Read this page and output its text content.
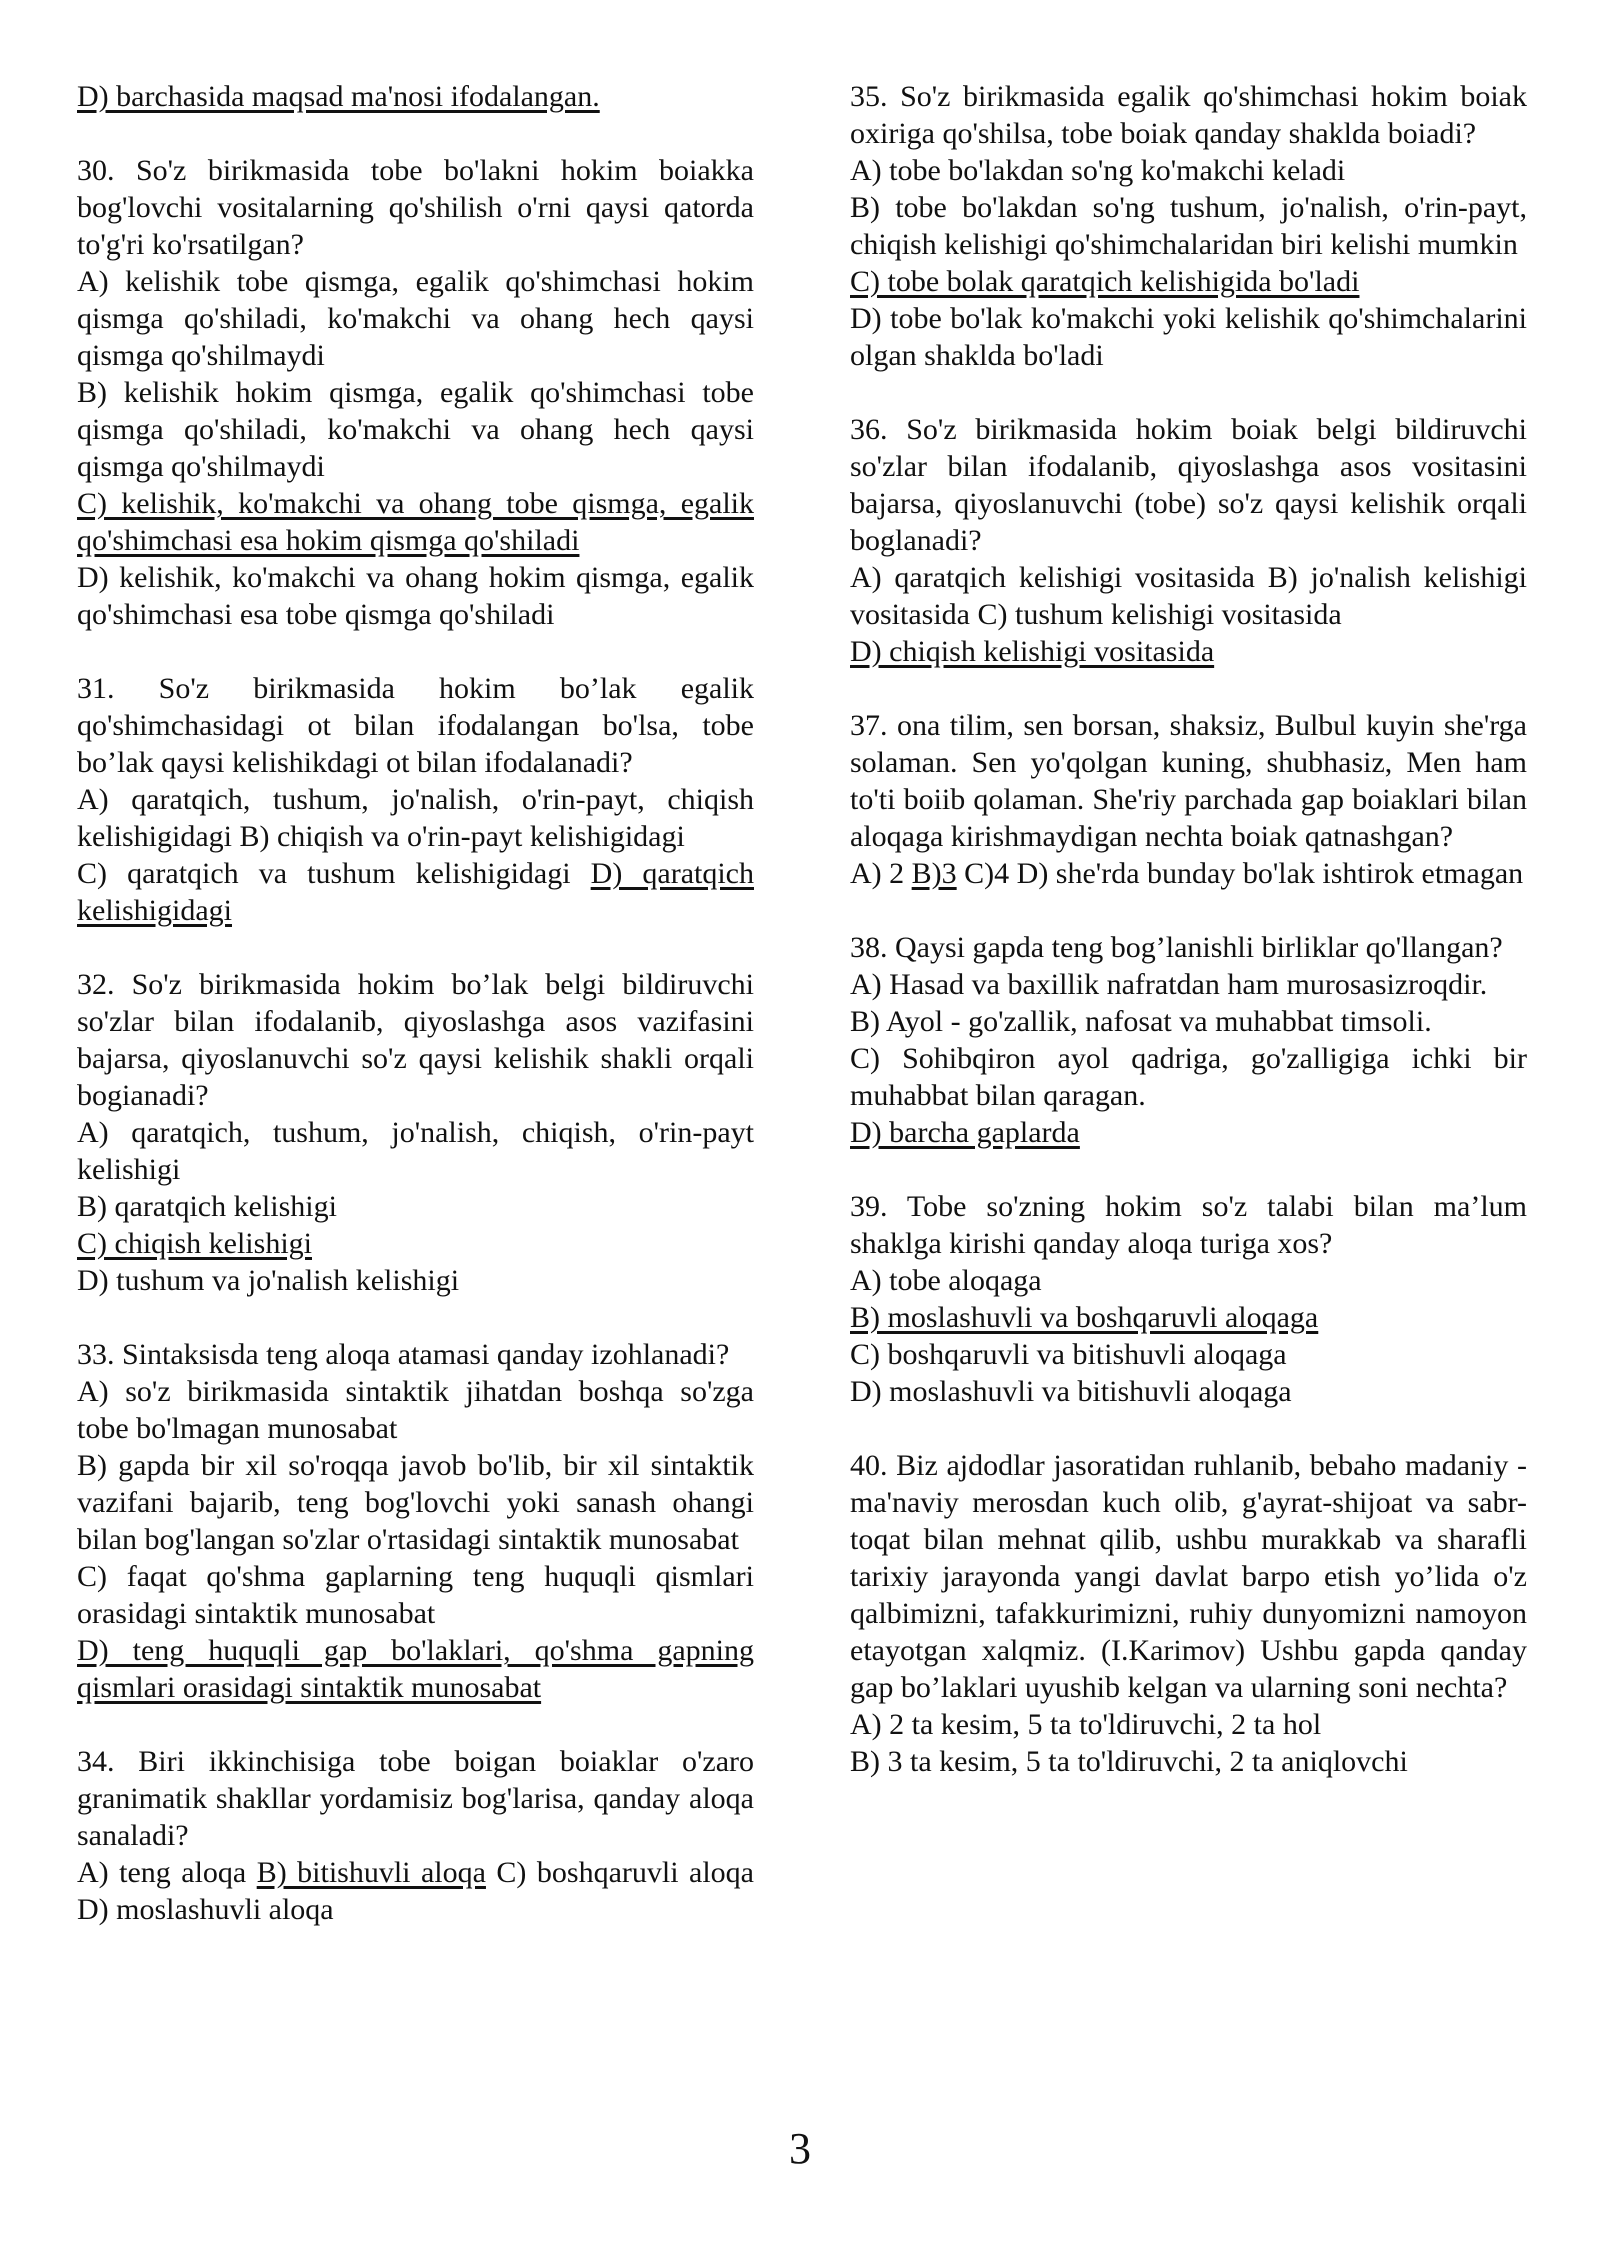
D) barchasida maqsad ma'nosi ifodalangan.

30. So'z birikmasida tobe bo'lakni hokim boiakka bog'lovchi vositalarning qo'shilish o'rni qaysi qatorda to'g'ri ko'rsatilgan?

A) kelishik tobe qismga, egalik qo'shimchasi hokim qismga qo'shiladi, ko'makchi va ohang hech qaysi qismga qo'shilmaydi

B) kelishik hokim qismga, egalik qo'shimchasi tobe qismga qo'shiladi, ko'makchi va ohang hech qaysi qismga qo'shilmaydi

C) kelishik, ko'makchi va ohang tobe qismga, egalik qo'shimchasi esa hokim qismga qo'shiladi

D) kelishik, ko'makchi va ohang hokim qismga, egalik qo'shimchasi esa tobe qismga qo'shiladi

31. So'z birikmasida hokim bo’lak egalik qo'shimchasidagi ot bilan ifodalangan bo'lsa, tobe bo’lak qaysi kelishikdagi ot bilan ifodalanadi?

A) qaratqich, tushum, jo'nalish, o'rin-payt, chiqish kelishigidagi B) chiqish va o'rin-payt kelishigidagi

C) qaratqich va tushum kelishigidagi D) qaratqich kelishigidagi

32. So'z birikmasida hokim bo’lak belgi bildiruvchi so'zlar bilan ifodalanib, qiyoslashga asos vazifasini bajarsa, qiyoslanuvchi so'z qaysi kelishik shakli orqali bogianadi?

A) qaratqich, tushum, jo'nalish, chiqish, o'rin-payt kelishigi

B) qaratqich kelishigi

C) chiqish kelishigi

D) tushum va jo'nalish kelishigi

33. Sintaksisda teng aloqa atamasi qanday izohlanadi?

A) so'z birikmasida sintaktik jihatdan boshqa so'zga tobe bo'lmagan munosabat

B) gapda bir xil so'roqqa javob bo'lib, bir xil sintaktik vazifani bajarib, teng bog'lovchi yoki sanash ohangi bilan bog'langan so'zlar o'rtasidagi sintaktik munosabat

C) faqat qo'shma gaplarning teng huquqli qismlari orasidagi sintaktik munosabat

D) teng huquqli gap bo'laklari, qo'shma gapning qismlari orasidagi sintaktik munosabat

34. Biri ikkinchisiga tobe boigan boiaklar o'zaro granimatik shakllar yordamisiz bog'larisa, qanday aloqa sanaladi?

A) teng aloqa B) bitishuvli aloqa C) boshqaruvli aloqa D) moslashuvli aloqa

35. So'z birikmasida egalik qo'shimchasi hokim boiak oxiriga qo'shilsa, tobe boiak qanday shaklda boiadi?

A) tobe bo'lakdan so'ng ko'makchi keladi

B) tobe bo'lakdan so'ng tushum, jo'nalish, o'rin-payt, chiqish kelishigi qo'shimchalaridan biri kelishi mumkin

C) tobe bolak qaratqich kelishigida bo'ladi

D) tobe bo'lak ko'makchi yoki kelishik qo'shimchalarini olgan shaklda bo'ladi

36. So'z birikmasida hokim boiak belgi bildiruvchi so'zlar bilan ifodalanib, qiyoslashga asos vositasini bajarsa, qiyoslanuvchi (tobe) so'z qaysi kelishik orqali boglanadi?

A) qaratqich kelishigi vositasida B) jo'nalish kelishigi vositasida C) tushum kelishigi vositasida

D) chiqish kelishigi vositasida

37. ona tilim, sen borsan, shaksiz, Bulbul kuyin she'rga solaman. Sen yo'qolgan kuning, shubhasiz, Men ham to'ti boiib qolaman. She'riy parchada gap boiaklari bilan aloqaga kirishmaydigan nechta boiak qatnashgan?

A) 2 B)3 C)4 D) she'rda bunday bo'lak ishtirok etmagan

38. Qaysi gapda teng bog’lanishli birliklar qo'llangan?

A) Hasad va baxillik nafratdan ham murosasizroqdir.

B) Ayol - go'zallik, nafosat va muhabbat timsoli.

C) Sohibqiron ayol qadriga, go'zalligiga ichki bir muhabbat bilan qaragan.

D) barcha gaplarda

39. Tobe so'zning hokim so'z talabi bilan ma’lum shaklga kirishi qanday aloqa turiga xos?

A) tobe aloqaga

B) moslashuvli va boshqaruvli aloqaga

C) boshqaruvli va bitishuvli aloqaga

D) moslashuvli va bitishuvli aloqaga

40. Biz ajdodlar jasoratidan ruhlanib, bebaho madaniy - ma'naviy merosdan kuch olib, g'ayrat-shijoat va sabr-toqat bilan mehnat qilib, ushbu murakkab va sharafli tarixiy jarayonda yangi davlat barpo etish yo’lida o'z qalbimizni, tafakkurimizni, ruhiy dunyomizni namoyon etayotgan xalqmiz. (I.Karimov) Ushbu gapda qanday gap bo’laklari uyushib kelgan va ularning soni nechta?

A) 2 ta kesim, 5 ta to'ldiruvchi, 2 ta hol

B) 3 ta kesim, 5 ta to'ldiruvchi, 2 ta aniqlovchi

3
